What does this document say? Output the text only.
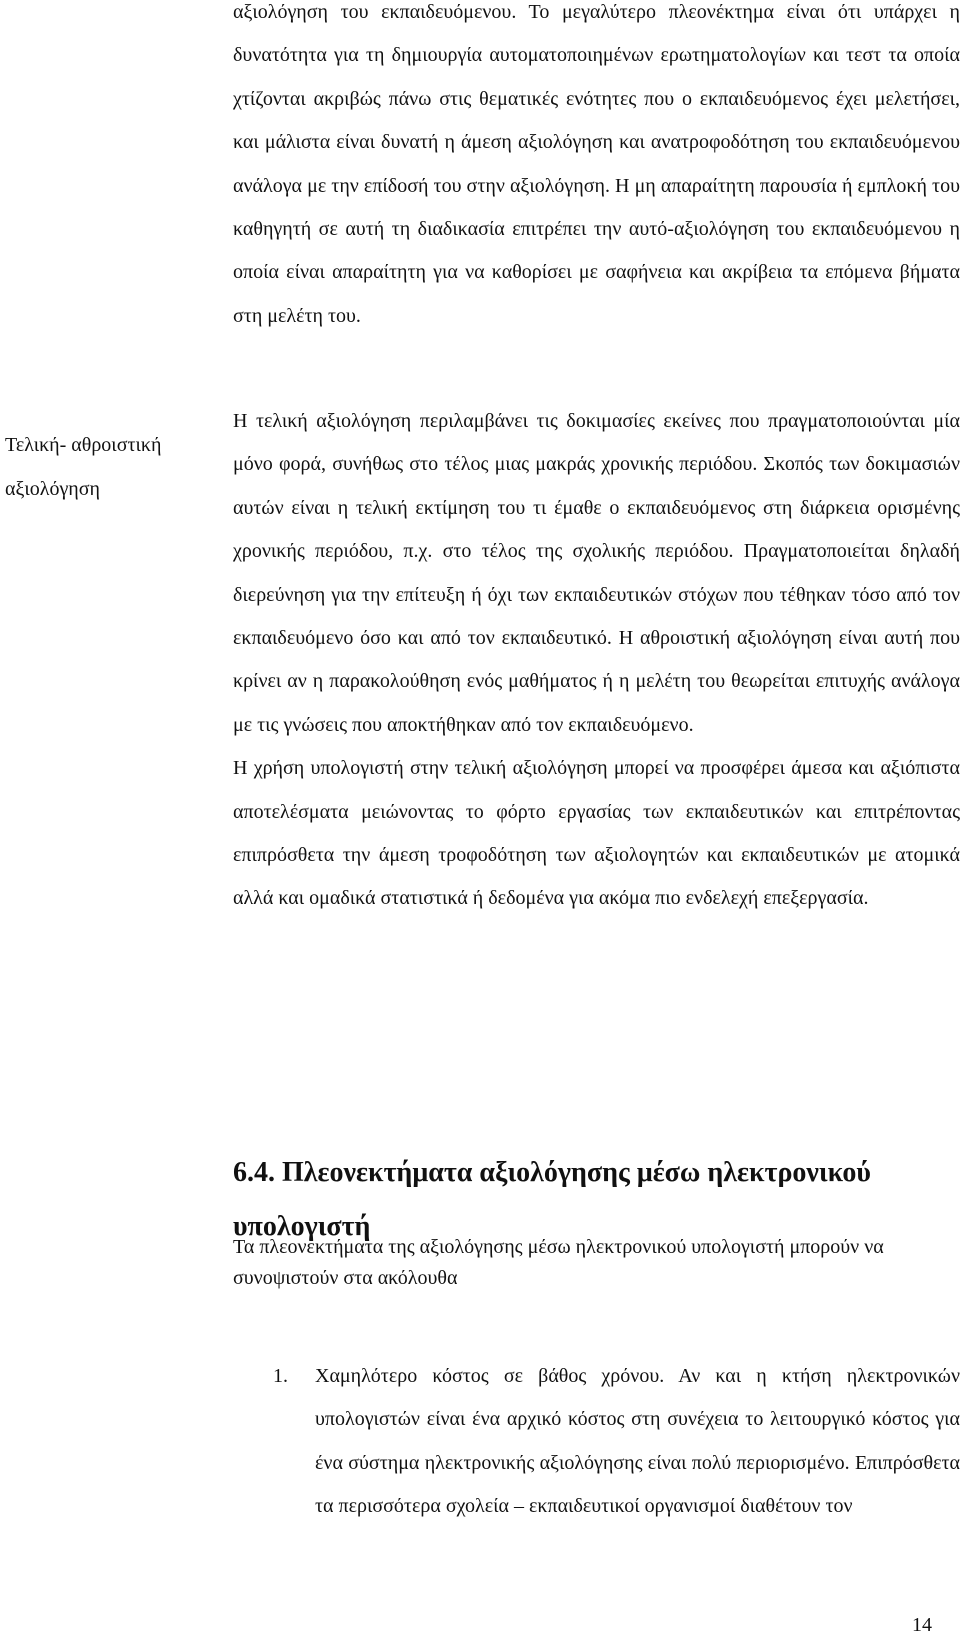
αξιολόγηση του εκπαιδευόμενου. Το μεγαλύτερο πλεονέκτημα είναι ότι υπάρχει η δυνατότητα για τη δημιουργία αυτοματοποιημένων ερωτηματολογίων και τεστ τα οποία χτίζονται ακριβώς πάνω στις θεματικές ενότητες που ο εκπαιδευόμενος έχει μελετήσει, και μάλιστα είναι δυνατή η άμεση αξιολόγηση και ανατροφοδότηση του εκπαιδευόμενου ανάλογα με την επίδοσή του στην αξιολόγηση. Η μη απαραίτητη παρουσία ή εμπλοκή του καθηγητή σε αυτή τη διαδικασία επιτρέπει την αυτό-αξιολόγηση του εκπαιδευόμενου η οποία είναι απαραίτητη για να καθορίσει με σαφήνεια και ακρίβεια τα επόμενα βήματα στη μελέτη του.

Τελική- αθροιστική αξιολόγηση

Η τελική αξιολόγηση περιλαμβάνει τις δοκιμασίες εκείνες που πραγματοποιούνται μία μόνο φορά, συνήθως στο τέλος μιας μακράς χρονικής περιόδου. Σκοπός των δοκιμασιών αυτών είναι η τελική εκτίμηση του τι έμαθε ο εκπαιδευόμενος στη διάρκεια ορισμένης χρονικής περιόδου, π.χ. στο τέλος της σχολικής περιόδου. Πραγματοποιείται δηλαδή διερεύνηση για την επίτευξη ή όχι των εκπαιδευτικών στόχων που τέθηκαν τόσο από τον εκπαιδευόμενο όσο και από τον εκπαιδευτικό. Η αθροιστική αξιολόγηση είναι αυτή που κρίνει αν η παρακολούθηση ενός μαθήματος ή η μελέτη του θεωρείται επιτυχής ανάλογα με τις γνώσεις που αποκτήθηκαν από τον εκπαιδευόμενο.

Η χρήση υπολογιστή στην τελική αξιολόγηση μπορεί να προσφέρει άμεσα και αξιόπιστα αποτελέσματα μειώνοντας το φόρτο εργασίας των εκπαιδευτικών και επιτρέποντας επιπρόσθετα την άμεση τροφοδότηση των αξιολογητών και εκπαιδευτικών με ατομικά αλλά και ομαδικά στατιστικά ή δεδομένα για ακόμα πιο ενδελεχή επεξεργασία.

6.4. Πλεονεκτήματα αξιολόγησης μέσω ηλεκτρονικού υπολογιστή

Τα πλεονεκτήματα της αξιολόγησης μέσω ηλεκτρονικού υπολογιστή μπορούν να συνοψιστούν στα ακόλουθα

1. Χαμηλότερο κόστος σε βάθος χρόνου. Αν και η κτήση ηλεκτρονικών υπολογιστών είναι ένα αρχικό κόστος στη συνέχεια το λειτουργικό κόστος για ένα σύστημα ηλεκτρονικής αξιολόγησης είναι πολύ περιορισμένο. Επιπρόσθετα τα περισσότερα σχολεία – εκπαιδευτικοί οργανισμοί διαθέτουν τον

14
